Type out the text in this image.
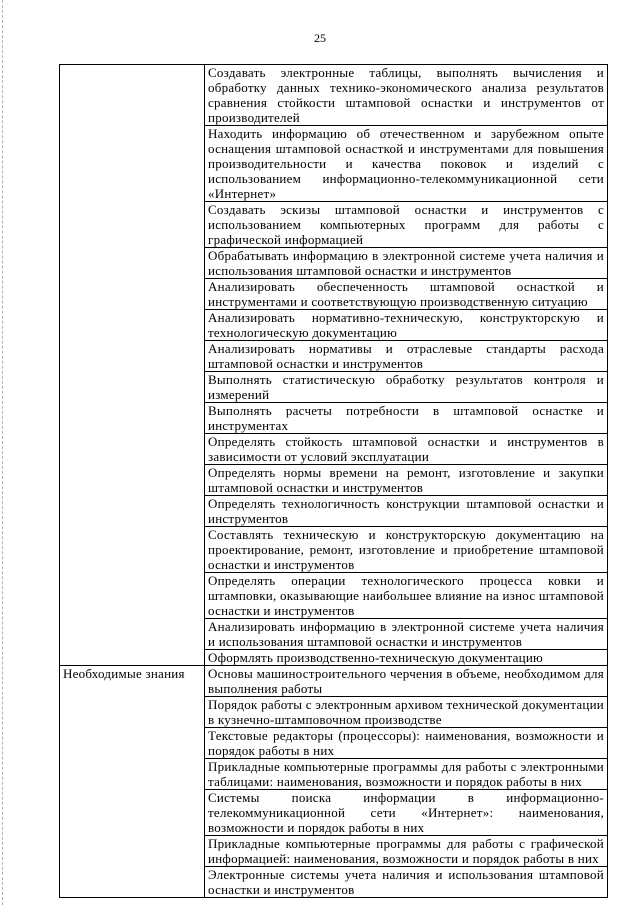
25
	Создавать электронные таблицы, выполнять вычисления и обработку данных технико-экономического анализа результатов сравнения стойкости штамповой оснастки и инструментов от производителей
	Находить информацию об отечественном и зарубежном опыте оснащения штамповой оснасткой и инструментами для повышения производительности и качества поковок и изделий с использованием информационно-телекоммуникационной сети «Интернет»
	Создавать эскизы штамповой оснастки и инструментов с использованием компьютерных программ для работы с графической информацией
	Обрабатывать информацию в электронной системе учета наличия и использования штамповой оснастки и инструментов
	Анализировать обеспеченность штамповой оснасткой и инструментами и соответствующую производственную ситуацию
	Анализировать нормативно-техническую, конструкторскую и технологическую документацию
	Анализировать нормативы и отраслевые стандарты расхода штамповой оснастки и инструментов
	Выполнять статистическую обработку результатов контроля и измерений
	Выполнять расчеты потребности в штамповой оснастке и инструментах
	Определять стойкость штамповой оснастки и инструментов в зависимости от условий эксплуатации
	Определять нормы времени на ремонт, изготовление и закупки штамповой оснастки и инструментов
	Определять технологичность конструкции штамповой оснастки и инструментов
	Составлять техническую и конструкторскую документацию на проектирование, ремонт, изготовление и приобретение штамповой оснастки и инструментов
	Определять операции технологического процесса ковки и штамповки, оказывающие наибольшее влияние на износ штамповой оснастки и инструментов
	Анализировать информацию в электронной системе учета наличия и использования штамповой оснастки и инструментов
	Оформлять производственно-техническую документацию
Необходимые знания	Основы машиностроительного черчения в объеме, необходимом для выполнения работы
	Порядок работы с электронным архивом технической документации в кузнечно-штамповочном производстве
	Текстовые редакторы (процессоры): наименования, возможности и порядок работы в них
	Прикладные компьютерные программы для работы с электронными таблицами: наименования, возможности и порядок работы в них
	Системы поиска информации в информационно-телекоммуникационной сети «Интернет»: наименования, возможности и порядок работы в них
	Прикладные компьютерные программы для работы с графической информацией: наименования, возможности и порядок работы в них
	Электронные системы учета наличия и использования штамповой оснастки и инструментов
